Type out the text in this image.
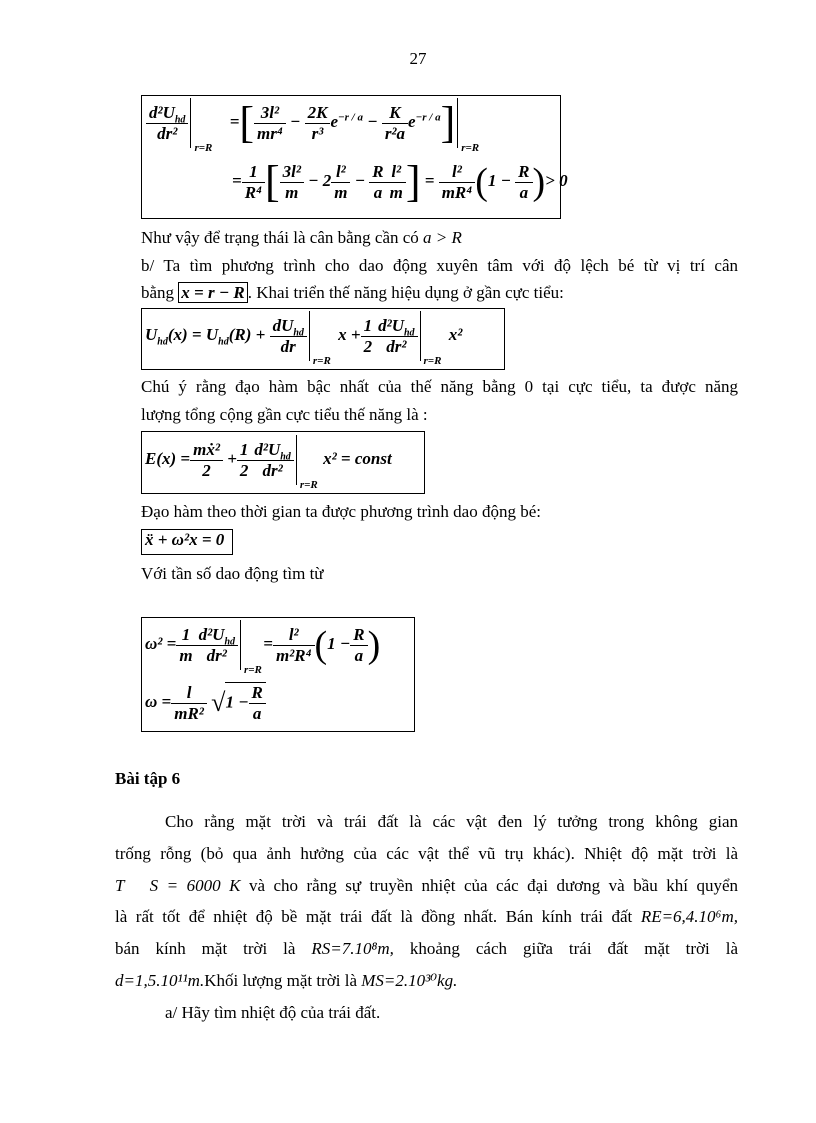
27
$\frac{d^2U_{hd}}{\text{dr²}}$
r=R
=[ $\frac{\text{3l²}}{\text{mr⁴}} - \frac{2K}{\text{r³}} e^{-r / a} - \frac{K}{\text{r²a}} e^{-r / a}$]
r=R
= $\frac{1}{\text{R⁴}}$ [ $\frac{\text{3l²}}{m} - 2 \frac{\text{l²}}{m} - \frac{R}{a} \frac{\text{l²}}{m}$ ] = $\frac{\text{l²}}{\text{mR⁴}} (1 - \frac{R}{a}$ )> 0
Như vậy để trạng thái là cân bằng cần có a > R
b/ Ta tìm phương trình cho dao động xuyên tâm với độ lệch bé từ vị trí cân
bằng x = r − R . Khai triển thế năng hiệu dụng ở gần cực tiểu:
$U_{hd}(x) = U_{hd}(R) + \frac{dU_{hd}}{dr}$
r=R
$x + \frac{1}{2} \frac{d^2U_{hd}}{\text{dr²}}$
r=R
x²
Chú ý rằng đạo hàm bậc nhất của thế năng bằng 0 tại cực tiểu, ta được năng
lượng tổng cộng gần cực tiểu thế năng là :
$E(x) = \frac{\text{mẋ²}}{2} + \frac{1}{2} \frac{d^2U_{hd}}{\text{dr²}}$
r=R
x² = const
Đạo hàm theo thời gian ta được phương trình dao động bé:
ẍ + ω²x = 0
Với tần số dao động tìm từ
$\omega^2 = \frac{1}{m} \frac{d^2U_{hd}}{\text{dr²}}$
r=R
= $\frac{\text{l²}}{\text{m²R⁴}} (1 - \frac{R}{a}$ )
$\omega = \frac{l}{\text{mR²}} √1 - \frac{R}{a}$
Bài tập 6
Cho rằng mặt trời và trái đất là các vật đen lý tưởng trong không gian
trống rỗng (bỏ qua ảnh hưởng của các vật thể vũ trụ khác). Nhiệt độ mặt trời là
T   S = 6000 K và cho rằng sự truyền nhiệt của các đại dương và bầu khí quyển
là rất tốt để nhiệt độ bề mặt trái đất là đồng nhất. Bán kính trái đất RE=6,4.10⁶m,
bán kính mặt trời là RS=7.10⁸m, khoảng cách giữa trái đất mặt trời là
d=1,5.10¹¹m.Khối lượng mặt trời là MS=2.10³⁰kg.
a/ Hãy tìm nhiệt độ của trái đất.
